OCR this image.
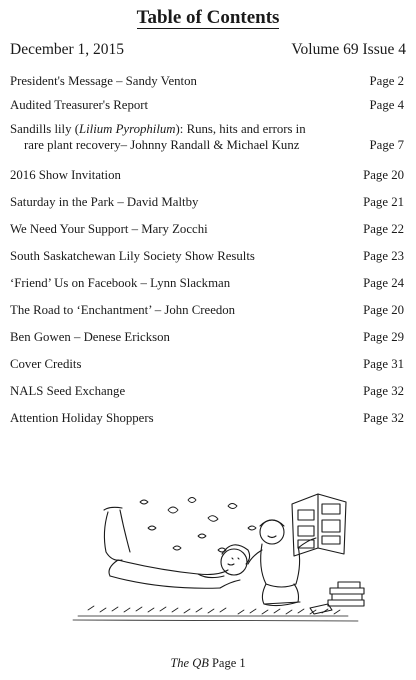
Table of Contents
December 1, 2015	Volume 69 Issue 4
President's Message – Sandy Venton	Page 2
Audited Treasurer's Report	Page 4
Sandills lily (Lilium Pyrophilum): Runs, hits and errors in
rare plant recovery– Johnny Randall & Michael Kunz	Page 7
2016 Show Invitation	Page 20
Saturday in the Park – David Maltby	Page 21
We Need Your Support – Mary Zocchi	Page 22
South Saskatchewan Lily Society Show Results	Page 23
‘Friend’ Us on Facebook – Lynn Slackman	Page 24
The Road to ‘Enchantment’ – John Creedon	Page 20
Ben Gowen – Denese Erickson	Page 29
Cover Credits	Page 31
NALS Seed Exchange	Page 32
Attention Holiday Shoppers	Page 32
The QB Page 1
